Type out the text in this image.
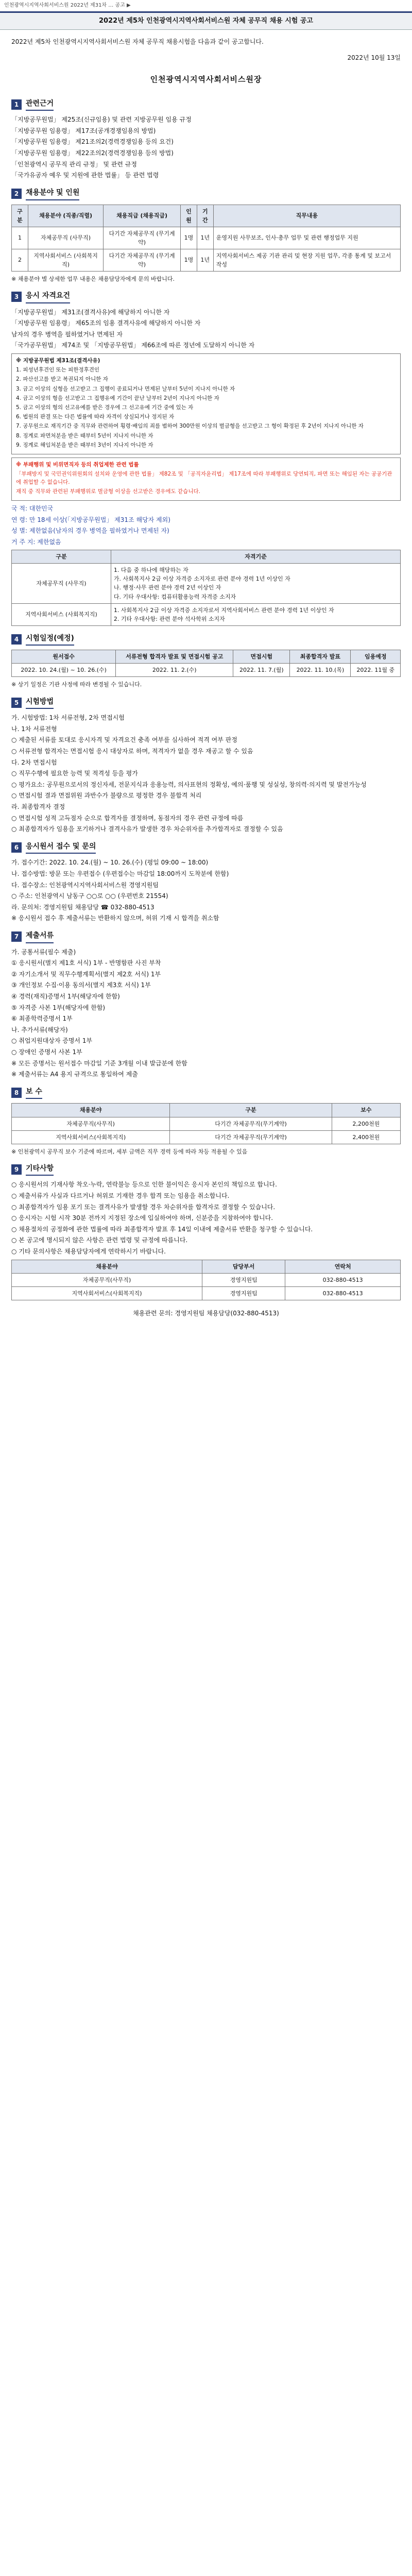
인천광역시지역사회서비스원 2022년 제31차 … 공고 ▶
2022년 제5차 인천광역시지역사회서비스원 자체 공무직 채용 시험 공고

2022년 제5차 인천광역시지역사회서비스원 자체 공무직 채용시험을 다음과 같이 공고합니다.

2022년 10월 13일

인천광역시지역사회서비스원장
1 관련근거

「지방공무원법」 제25조(신규임용) 및 관련 지방공무원 임용 규정

「지방공무원 임용령」 제17조(공개경쟁임용의 방법)

「지방공무원 임용령」 제21조의2(경력경쟁임용 등의 요건)

「지방공무원 임용령」 제22조의2(경력경쟁임용 등의 방법)

「인천광역시 공무직 관리 규정」 및 관련 규정

「국가유공자 예우 및 지원에 관한 법률」 등 관련 법령

2 채용분야 및 인원
구분	채용분야 (직종/직렬)	채용직급 (채용직급)	인원	기간	직무내용
1	자체공무직 (사무직)	다기간 자체공무직 (무기계약)	1명	1년	운영지원 사무보조, 인사·총무 업무 및 관련 행정업무 지원
2	지역사회서비스 (사회복지직)	다기간 자체공무직 (무기계약)	1명	1년	지역사회서비스 제공 기관 관리 및 현장 지원 업무, 각종 통계 및 보고서 작성

※ 채용분야 별 상세한 업무 내용은 채용담당자에게 문의 바랍니다.

3 응시 자격요건

「지방공무원법」 제31조(결격사유)에 해당하지 아니한 자

「지방공무원 임용령」 제65조의 임용 결격사유에 해당하지 아니한 자

남자의 경우 병역을 필하였거나 면제된 자

「국가공무원법」 제74조 및 「지방공무원법」 제66조에 따른 정년에 도달하지 아니한 자

※ 지방공무원법 제31조(결격사유)

1. 피성년후견인 또는 피한정후견인

2. 파산선고를 받고 복권되지 아니한 자

3. 금고 이상의 실형을 선고받고 그 집행이 종료되거나 면제된 날부터 5년이 지나지 아니한 자

4. 금고 이상의 형을 선고받고 그 집행유예 기간이 끝난 날부터 2년이 지나지 아니한 자

5. 금고 이상의 형의 선고유예를 받은 경우에 그 선고유예 기간 중에 있는 자

6. 법원의 판결 또는 다른 법률에 따라 자격이 상실되거나 정지된 자

7. 공무원으로 재직기간 중 직무와 관련하여 횡령·배임의 죄를 범하여 300만원 이상의 벌금형을 선고받고 그 형이 확정된 후 2년이 지나지 아니한 자

8. 징계로 파면처분을 받은 때부터 5년이 지나지 아니한 자

9. 징계로 해임처분을 받은 때부터 3년이 지나지 아니한 자

※ 부패행위 및 비위면직자 등의 취업제한 관련 법률

「부패방지 및 국민권익위원회의 설치와 운영에 관한 법률」 제82조 및 「공직자윤리법」 제17조에 따라 부패행위로 당연퇴직, 파면 또는 해임된 자는 공공기관에 취업할 수 없습니다.

재직 중 직무와 관련된 부패행위로 벌금형 이상을 선고받은 경우에도 같습니다.

국 적: 대한민국

연 령: 만 18세 이상(「지방공무원법」 제31조 해당자 제외)

성 별: 제한없음(남자의 경우 병역을 필하였거나 면제된 자)

거 주 지: 제한없음

구분	자격기준
자체공무직 (사무직)	1. 다음 중 하나에 해당하는 자
가. 사회복지사 2급 이상 자격증 소지자로 관련 분야 경력 1년 이상인 자
나. 행정·사무 관련 분야 경력 2년 이상인 자
다. 기타 우대사항: 컴퓨터활용능력 자격증 소지자
지역사회서비스 (사회복지직)	1. 사회복지사 2급 이상 자격증 소지자로서 지역사회서비스 관련 분야 경력 1년 이상인 자
2. 기타 우대사항: 관련 분야 석사학위 소지자
4 시험일정(예정)
원서접수	서류전형 합격자 발표 및 면접시험 공고	면접시험	최종합격자 발표	임용예정
2022. 10. 24.(월) ~ 10. 26.(수)	2022. 11. 2.(수)	2022. 11. 7.(월)	2022. 11. 10.(목)	2022. 11월 중

※ 상기 일정은 기관 사정에 따라 변경될 수 있습니다.

5 시험방법

가. 시험방법: 1차 서류전형, 2차 면접시험

나. 1차 서류전형

○ 제출된 서류를 토대로 응시자격 및 자격요건 충족 여부를 심사하여 적격 여부 판정

○ 서류전형 합격자는 면접시험 응시 대상자로 하며, 적격자가 없을 경우 재공고 할 수 있음

다. 2차 면접시험

○ 직무수행에 필요한 능력 및 적격성 등을 평가

○ 평가요소: 공무원으로서의 정신자세, 전문지식과 응용능력, 의사표현의 정확성, 예의·품행 및 성실성, 창의력·의지력 및 발전가능성

○ 면접시험 결과 면접위원 과반수가 불량으로 평정한 경우 불합격 처리

라. 최종합격자 결정

○ 면접시험 성적 고득점자 순으로 합격자를 결정하며, 동점자의 경우 관련 규정에 따름

○ 최종합격자가 임용을 포기하거나 결격사유가 발생한 경우 차순위자를 추가합격자로 결정할 수 있음

6 응시원서 접수 및 문의

가. 접수기간: 2022. 10. 24.(월) ~ 10. 26.(수) (평일 09:00 ~ 18:00)

나. 접수방법: 방문 또는 우편접수 (우편접수는 마감일 18:00까지 도착분에 한함)

다. 접수장소: 인천광역시지역사회서비스원 경영지원팀

○ 주소: 인천광역시 남동구 ○○로 ○○ (우편번호 21554)

라. 문의처: 경영지원팀 채용담당 ☎ 032-880-4513

※ 응시원서 접수 후 제출서류는 반환하지 않으며, 허위 기재 시 합격을 취소함

7 제출서류

가. 공통서류(필수 제출)

① 응시원서(별지 제1호 서식) 1부 - 반명함판 사진 부착

② 자기소개서 및 직무수행계획서(별지 제2호 서식) 1부

③ 개인정보 수집·이용 동의서(별지 제3호 서식) 1부

④ 경력(재직)증명서 1부(해당자에 한함)

⑤ 자격증 사본 1부(해당자에 한함)

⑥ 최종학력증명서 1부

나. 추가서류(해당자)

○ 취업지원대상자 증명서 1부

○ 장애인 증명서 사본 1부

※ 모든 증명서는 원서접수 마감일 기준 3개월 이내 발급분에 한함

※ 제출서류는 A4 용지 규격으로 통일하여 제출

8 보 수
채용분야	구분	보수
자체공무직(사무직)	다기간 자체공무직(무기계약)	2,200천원
지역사회서비스(사회복지직)	다기간 자체공무직(무기계약)	2,400천원

※ 인천광역시 공무직 보수 기준에 따르며, 세부 금액은 직무 경력 등에 따라 차등 적용될 수 있음

9 기타사항

○ 응시원서의 기재사항 착오·누락, 연락불능 등으로 인한 불이익은 응시자 본인의 책임으로 합니다.

○ 제출서류가 사실과 다르거나 허위로 기재한 경우 합격 또는 임용을 취소합니다.

○ 최종합격자가 임용 포기 또는 결격사유가 발생할 경우 차순위자를 합격자로 결정할 수 있습니다.

○ 응시자는 시험 시작 30분 전까지 지정된 장소에 입실하여야 하며, 신분증을 지참하여야 합니다.

○ 채용절차의 공정화에 관한 법률에 따라 최종합격자 발표 후 14일 이내에 제출서류 반환을 청구할 수 있습니다.

○ 본 공고에 명시되지 않은 사항은 관련 법령 및 규정에 따릅니다.

○ 기타 문의사항은 채용담당자에게 연락하시기 바랍니다.

채용분야	담당부서	연락처
자체공무직(사무직)	경영지원팀	032-880-4513
지역사회서비스(사회복지직)	경영지원팀	032-880-4513

채용관련 문의: 경영지원팀 채용담당(032-880-4513)
